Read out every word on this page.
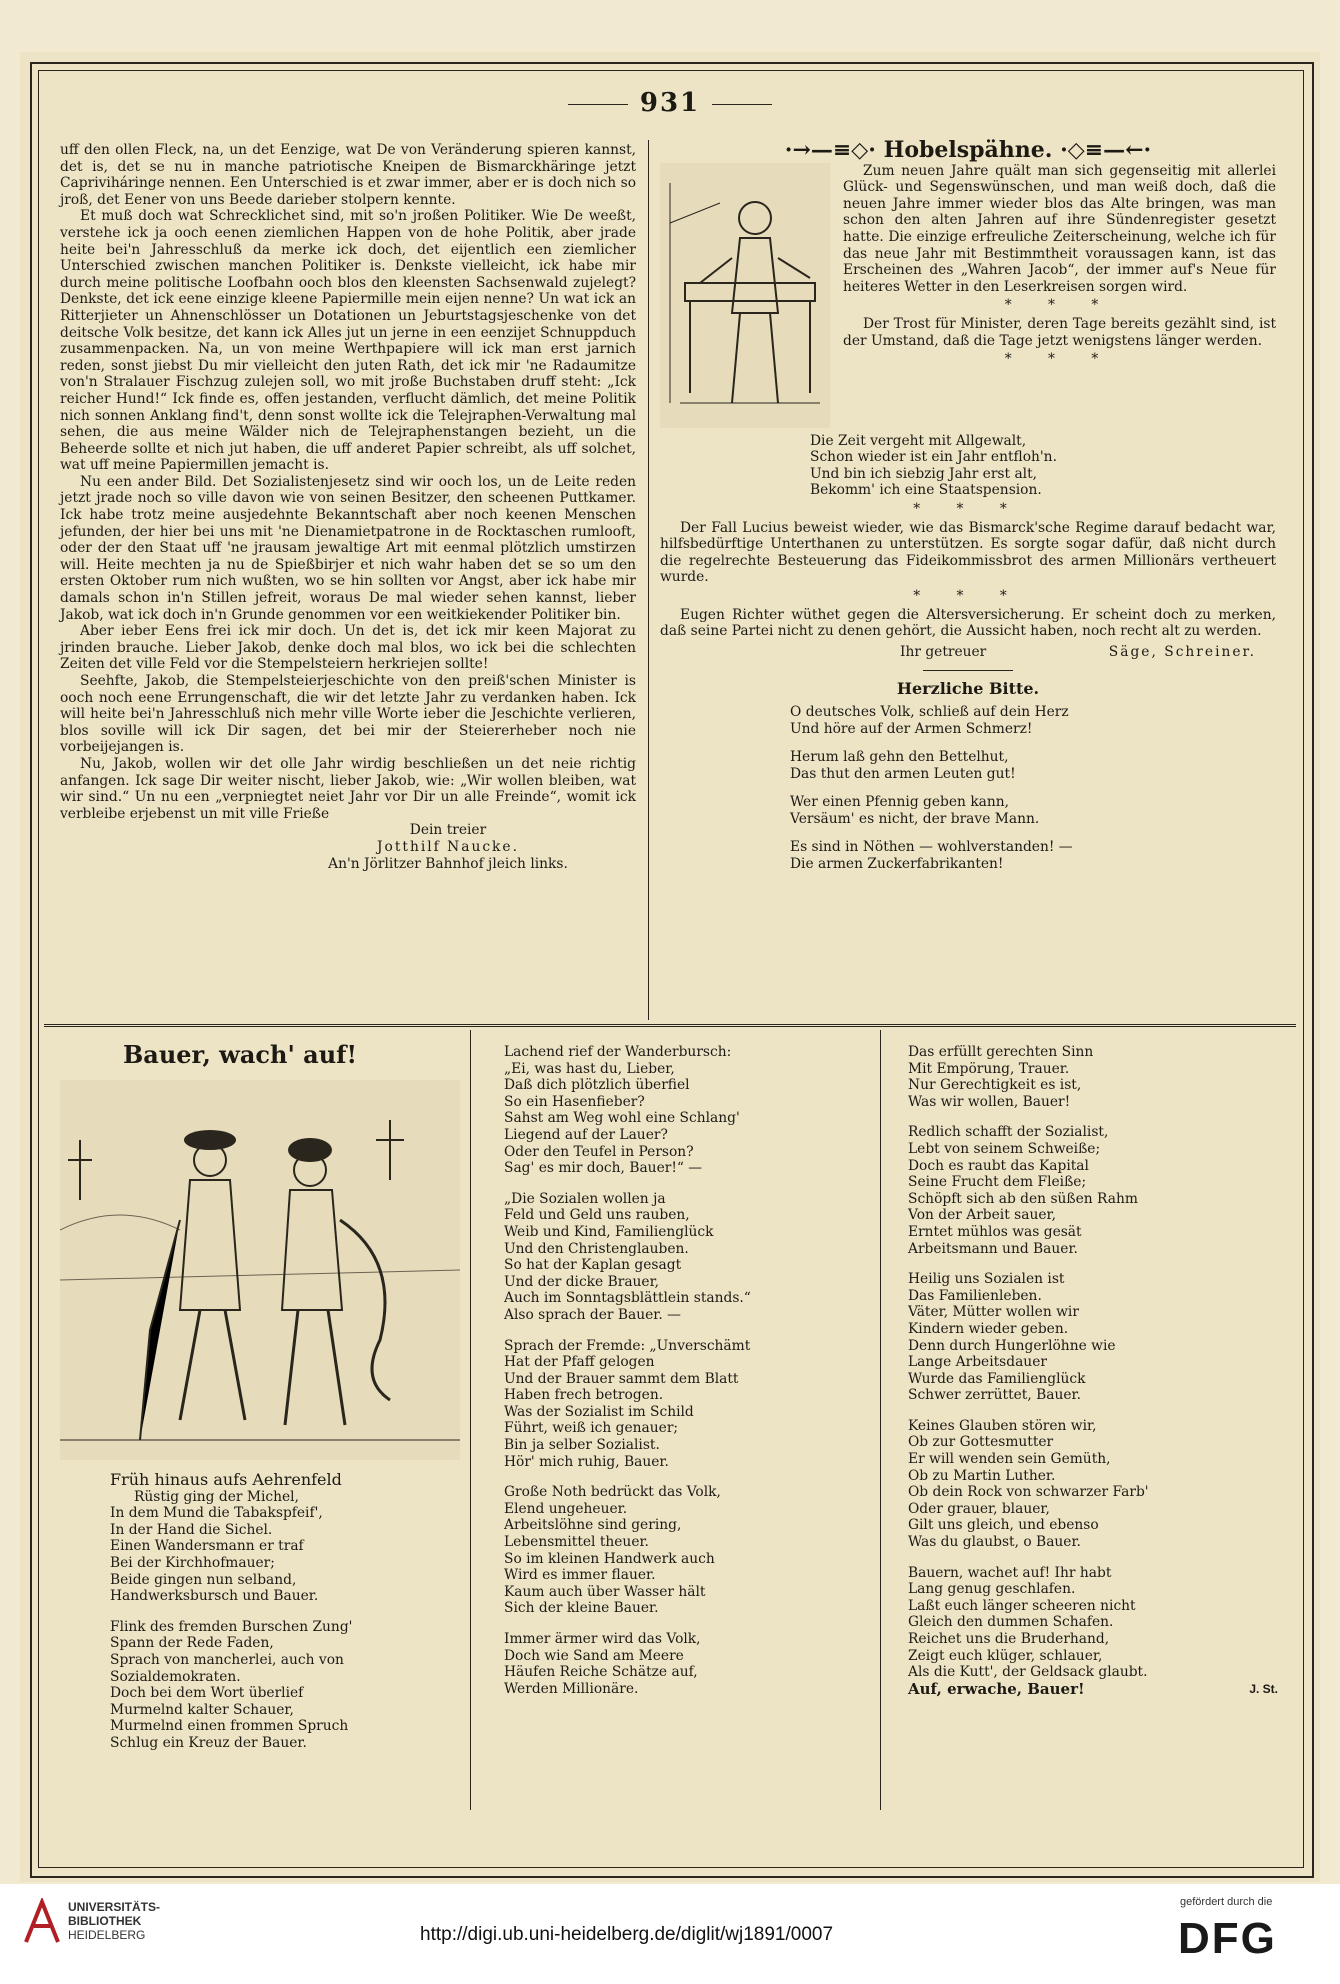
931

uff den ollen Fleck, na, un det Eenzige, wat De von Veränderung spieren kannst, det is, det se nu in manche patriotische Kneipen de Bismarckhäringe jetzt Capriviháringe nennen. Een Unterschied is et zwar immer, aber er is doch nich so jroß, det Eener von uns Beede darieber stolpern kennte.

Et muß doch wat Schrecklichet sind, mit so'n jroßen Politiker. Wie De weeßt, verstehe ick ja ooch eenen ziemlichen Happen von de hohe Politik, aber jrade heite bei'n Jahresschluß da merke ick doch, det eijentlich een ziemlicher Unterschied zwischen manchen Politiker is. Denkste vielleicht, ick habe mir durch meine politische Loofbahn ooch blos den kleensten Sachsenwald zujelegt? Denkste, det ick eene einzige kleene Papiermille mein eijen nenne? Un wat ick an Ritterjieter un Ahnenschlösser un Dotationen un Jeburtstagsjeschenke von det deitsche Volk besitze, det kann ick Alles jut un jerne in een eenzijet Schnuppduch zusammenpacken. Na, un von meine Werthpapiere will ick man erst jarnich reden, sonst jiebst Du mir vielleicht den juten Rath, det ick mir 'ne Radaumitze von'n Stralauer Fischzug zulejen soll, wo mit jroße Buchstaben druff steht: „Ick reicher Hund!“ Ick finde es, offen jestanden, verflucht dämlich, det meine Politik nich sonnen Anklang find't, denn sonst wollte ick die Telejraphen-Verwaltung mal sehen, die aus meine Wälder nich de Telejraphenstangen bezieht, un die Beheerde sollte et nich jut haben, die uff anderet Papier schreibt, als uff solchet, wat uff meine Papiermillen jemacht is.

Nu een ander Bild. Det Sozialistenjesetz sind wir ooch los, un de Leite reden jetzt jrade noch so ville davon wie von seinen Besitzer, den scheenen Puttkamer. Ick habe trotz meine ausjedehnte Bekanntschaft aber noch keenen Menschen jefunden, der hier bei uns mit 'ne Dienamietpatrone in de Rocktaschen rumlooft, oder der den Staat uff 'ne jrausam jewaltige Art mit eenmal plötzlich umstirzen will. Heite mechten ja nu de Spießbirjer et nich wahr haben det se so um den ersten Oktober rum nich wußten, wo se hin sollten vor Angst, aber ick habe mir damals schon in'n Stillen jefreit, woraus De mal wieder sehen kannst, lieber Jakob, wat ick doch in'n Grunde genommen vor een weitkiekender Politiker bin.

Aber ieber Eens frei ick mir doch. Un det is, det ick mir keen Majorat zu jrinden brauche. Lieber Jakob, denke doch mal blos, wo ick bei die schlechten Zeiten det ville Feld vor die Stempelsteiern herkriejen sollte!

Seehfte, Jakob, die Stempelsteierjeschichte von den preiß'schen Minister is ooch noch eene Errungenschaft, die wir det letzte Jahr zu verdanken haben. Ick will heite bei'n Jahresschluß nich mehr ville Worte ieber die Jeschichte verlieren, blos soville will ick Dir sagen, det bei mir der Steiererheber noch nie vorbeijejangen is.

Nu, Jakob, wollen wir det olle Jahr wirdig beschließen un det neie richtig anfangen. Ick sage Dir weiter nischt, lieber Jakob, wie: „Wir wollen bleiben, wat wir sind.“ Un nu een „verpniegtet neiet Jahr vor Dir un alle Freinde“, womit ick verbleibe erjebenst un mit ville Frieße

Dein treier
Jotthilf Naucke.
An'n Jörlitzer Bahnhof jleich links.
·→—≡◇· Hobelspähne. ·◇≡—←·

Zum neuen Jahre quält man sich gegenseitig mit allerlei Glück- und Segenswünschen, und man weiß doch, daß die neuen Jahre immer wieder blos das Alte bringen, was man schon den alten Jahren auf ihre Sündenregister gesetzt hatte. Die einzige erfreuliche Zeiterscheinung, welche ich für das neue Jahr mit Bestimmtheit voraussagen kann, ist das Erscheinen des „Wahren Jacob“, der immer auf's Neue für heiteres Wetter in den Leserkreisen sorgen wird.

* * *

Der Trost für Minister, deren Tage bereits gezählt sind, ist der Umstand, daß die Tage jetzt wenigstens länger werden.

* * *

Die Zeit vergeht mit Allgewalt,

Schon wieder ist ein Jahr entfloh'n.

Und bin ich siebzig Jahr erst alt,

Bekomm' ich eine Staatspension.

* * *

Der Fall Lucius beweist wieder, wie das Bismarck'sche Regime darauf bedacht war, hilfsbedürftige Unterthanen zu unterstützen. Es sorgte sogar dafür, daß nicht durch die regelrechte Besteuerung das Fideikommissbrot des armen Millionärs vertheuert wurde.

* * *

Eugen Richter wüthet gegen die Altersversicherung. Er scheint doch zu merken, daß seine Partei nicht zu denen gehört, die Aussicht haben, noch recht alt zu werden.

Ihr getreuer	Säge, Schreiner.
Herzliche Bitte.

O deutsches Volk, schließ auf dein Herz

Und höre auf der Armen Schmerz!

Herum laß gehn den Bettelhut,

Das thut den armen Leuten gut!

Wer einen Pfennig geben kann,

Versäum' es nicht, der brave Mann.

Es sind in Nöthen — wohlverstanden! —

Die armen Zuckerfabrikanten!

Bauer, wach' auf!

Früh hinaus aufs Aehrenfeld

Rüstig ging der Michel,

In dem Mund die Tabakspfeif',

In der Hand die Sichel.

Einen Wandersmann er traf

Bei der Kirchhofmauer;

Beide gingen nun selband,

Handwerksbursch und Bauer.

Flink des fremden Burschen Zung'

Spann der Rede Faden,

Sprach von mancherlei, auch von

Sozialdemokraten.

Doch bei dem Wort überlief

Murmelnd kalter Schauer,

Murmelnd einen frommen Spruch

Schlug ein Kreuz der Bauer.

Lachend rief der Wanderbursch:

„Ei, was hast du, Lieber,

Daß dich plötzlich überfiel

So ein Hasenfieber?

Sahst am Weg wohl eine Schlang'

Liegend auf der Lauer?

Oder den Teufel in Person?

Sag' es mir doch, Bauer!“ —

„Die Sozialen wollen ja

Feld und Geld uns rauben,

Weib und Kind, Familienglück

Und den Christenglauben.

So hat der Kaplan gesagt

Und der dicke Brauer,

Auch im Sonntagsblättlein stands.“

Also sprach der Bauer. —

Sprach der Fremde: „Unverschämt

Hat der Pfaff gelogen

Und der Brauer sammt dem Blatt

Haben frech betrogen.

Was der Sozialist im Schild

Führt, weiß ich genauer;

Bin ja selber Sozialist.

Hör' mich ruhig, Bauer.

Große Noth bedrückt das Volk,

Elend ungeheuer.

Arbeitslöhne sind gering,

Lebensmittel theuer.

So im kleinen Handwerk auch

Wird es immer flauer.

Kaum auch über Wasser hält

Sich der kleine Bauer.

Immer ärmer wird das Volk,

Doch wie Sand am Meere

Häufen Reiche Schätze auf,

Werden Millionäre.

Das erfüllt gerechten Sinn

Mit Empörung, Trauer.

Nur Gerechtigkeit es ist,

Was wir wollen, Bauer!

Redlich schafft der Sozialist,

Lebt von seinem Schweiße;

Doch es raubt das Kapital

Seine Frucht dem Fleiße;

Schöpft sich ab den süßen Rahm

Von der Arbeit sauer,

Erntet mühlos was gesät

Arbeitsmann und Bauer.

Heilig uns Sozialen ist

Das Familienleben.

Väter, Mütter wollen wir

Kindern wieder geben.

Denn durch Hungerlöhne wie

Lange Arbeitsdauer

Wurde das Familienglück

Schwer zerrüttet, Bauer.

Keines Glauben stören wir,

Ob zur Gottesmutter

Er will wenden sein Gemüth,

Ob zu Martin Luther.

Ob dein Rock von schwarzer Farb'

Oder grauer, blauer,

Gilt uns gleich, und ebenso

Was du glaubst, o Bauer.

Bauern, wachet auf! Ihr habt

Lang genug geschlafen.

Laßt euch länger scheeren nicht

Gleich den dummen Schafen.

Reichet uns die Bruderhand,

Zeigt euch klüger, schlauer,

Als die Kutt', der Geldsack glaubt.

Auf, erwache, Bauer!	J. St.
UNIVERSITÄTS-
BIBLIOTHEK
HEIDELBERG	http://digi.ub.uni-heidelberg.de/diglit/wj1891/0007
gefördert durch die
DFG
